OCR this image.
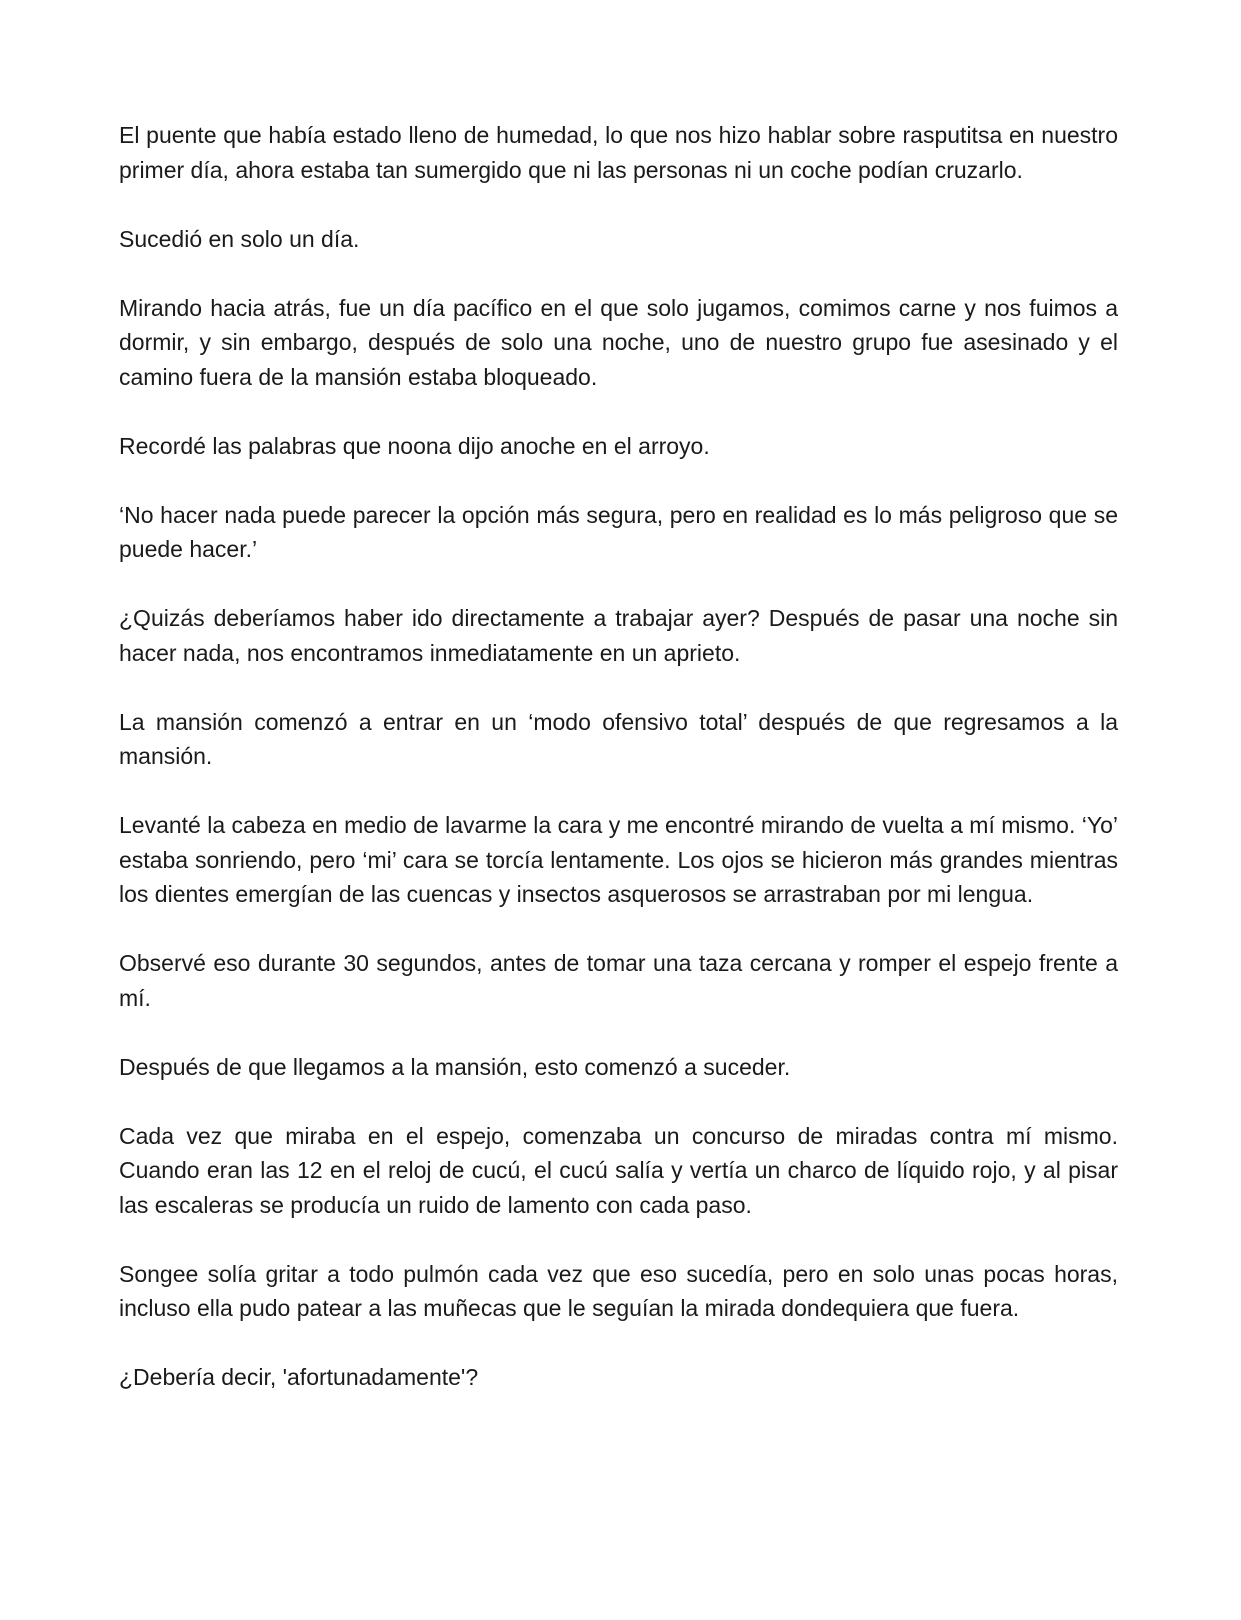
El puente que había estado lleno de humedad, lo que nos hizo hablar sobre rasputitsa en nuestro primer día, ahora estaba tan sumergido que ni las personas ni un coche podían cruzarlo.

Sucedió en solo un día.

Mirando hacia atrás, fue un día pacífico en el que solo jugamos, comimos carne y nos fuimos a dormir, y sin embargo, después de solo una noche, uno de nuestro grupo fue asesinado y el camino fuera de la mansión estaba bloqueado.

Recordé las palabras que noona dijo anoche en el arroyo.

‘No hacer nada puede parecer la opción más segura, pero en realidad es lo más peligroso que se puede hacer.’

¿Quizás deberíamos haber ido directamente a trabajar ayer? Después de pasar una noche sin hacer nada, nos encontramos inmediatamente en un aprieto.

La mansión comenzó a entrar en un ‘modo ofensivo total’ después de que regresamos a la mansión.

Levanté la cabeza en medio de lavarme la cara y me encontré mirando de vuelta a mí mismo. ‘Yo’ estaba sonriendo, pero ‘mi’ cara se torcía lentamente. Los ojos se hicieron más grandes mientras los dientes emergían de las cuencas y insectos asquerosos se arrastraban por mi lengua.

Observé eso durante 30 segundos, antes de tomar una taza cercana y romper el espejo frente a mí.

Después de que llegamos a la mansión, esto comenzó a suceder.

Cada vez que miraba en el espejo, comenzaba un concurso de miradas contra mí mismo. Cuando eran las 12 en el reloj de cucú, el cucú salía y vertía un charco de líquido rojo, y al pisar las escaleras se producía un ruido de lamento con cada paso.

Songee solía gritar a todo pulmón cada vez que eso sucedía, pero en solo unas pocas horas, incluso ella pudo patear a las muñecas que le seguían la mirada dondequiera que fuera.

¿Debería decir, 'afortunadamente'?
